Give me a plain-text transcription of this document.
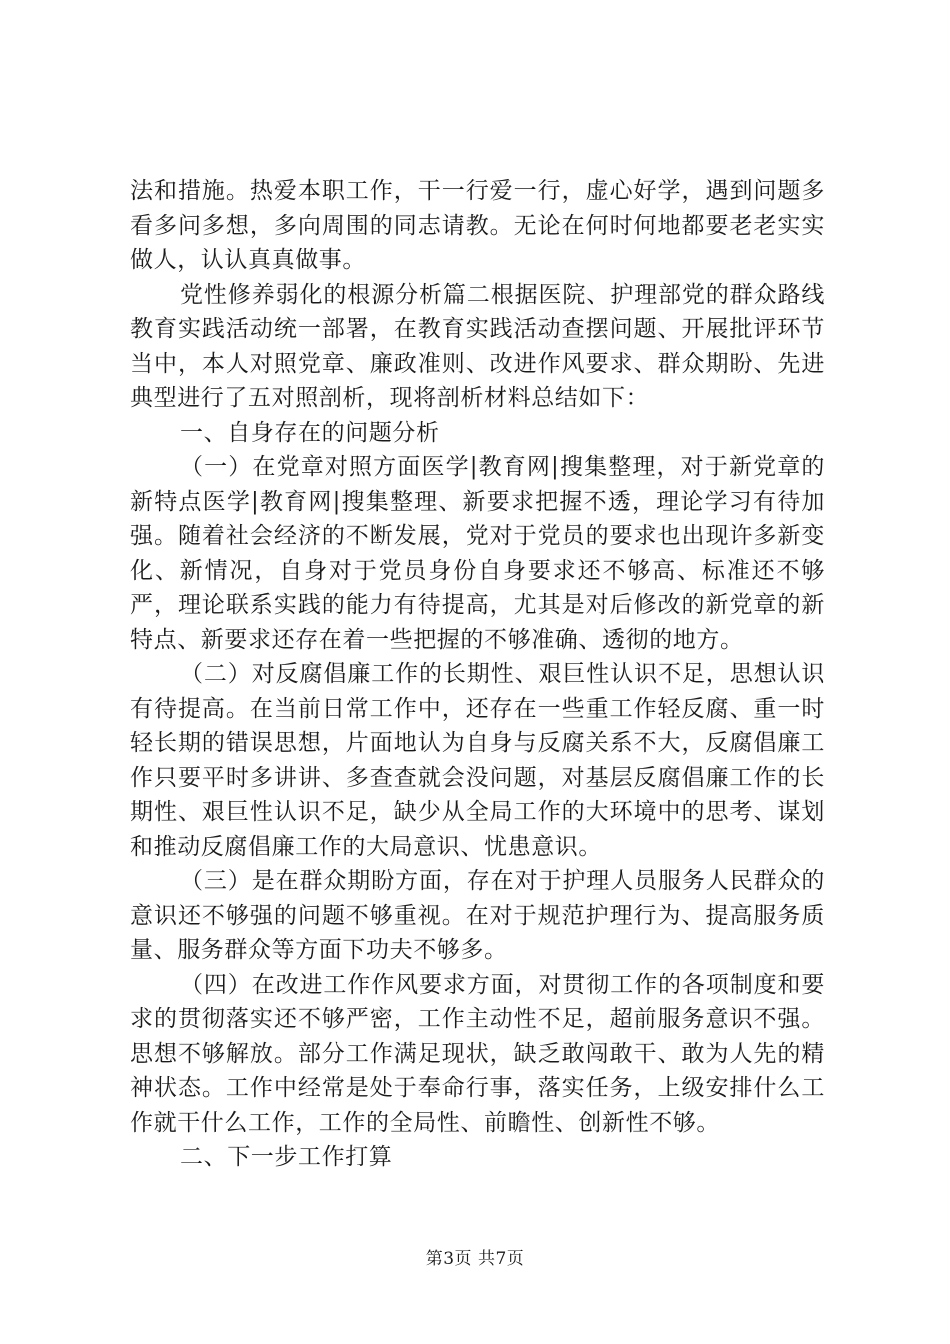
法和措施。热爱本职工作，干一行爱一行，虚心好学，遇到问题多看多问多想，多向周围的同志请教。无论在何时何地都要老老实实做人，认认真真做事。

党性修养弱化的根源分析篇二根据医院、护理部党的群众路线教育实践活动统一部署，在教育实践活动查摆问题、开展批评环节当中，本人对照党章、廉政准则、改进作风要求、群众期盼、先进典型进行了五对照剖析，现将剖析材料总结如下：

一、自身存在的问题分析

（一）在党章对照方面医学|教育网|搜集整理，对于新党章的新特点医学|教育网|搜集整理、新要求把握不透，理论学习有待加强。随着社会经济的不断发展，党对于党员的要求也出现许多新变化、新情况，自身对于党员身份自身要求还不够高、标准还不够严，理论联系实践的能力有待提高，尤其是对后修改的新党章的新特点、新要求还存在着一些把握的不够准确、透彻的地方。

（二）对反腐倡廉工作的长期性、艰巨性认识不足，思想认识有待提高。在当前日常工作中，还存在一些重工作轻反腐、重一时轻长期的错误思想，片面地认为自身与反腐关系不大，反腐倡廉工作只要平时多讲讲、多查查就会没问题，对基层反腐倡廉工作的长期性、艰巨性认识不足，缺少从全局工作的大环境中的思考、谋划和推动反腐倡廉工作的大局意识、忧患意识。

（三）是在群众期盼方面，存在对于护理人员服务人民群众的意识还不够强的问题不够重视。在对于规范护理行为、提高服务质量、服务群众等方面下功夫不够多。

（四）在改进工作作风要求方面，对贯彻工作的各项制度和要求的贯彻落实还不够严密，工作主动性不足，超前服务意识不强。思想不够解放。部分工作满足现状，缺乏敢闯敢干、敢为人先的精神状态。工作中经常是处于奉命行事，落实任务，上级安排什么工作就干什么工作，工作的全局性、前瞻性、创新性不够。

二、下一步工作打算

第3页 共7页
